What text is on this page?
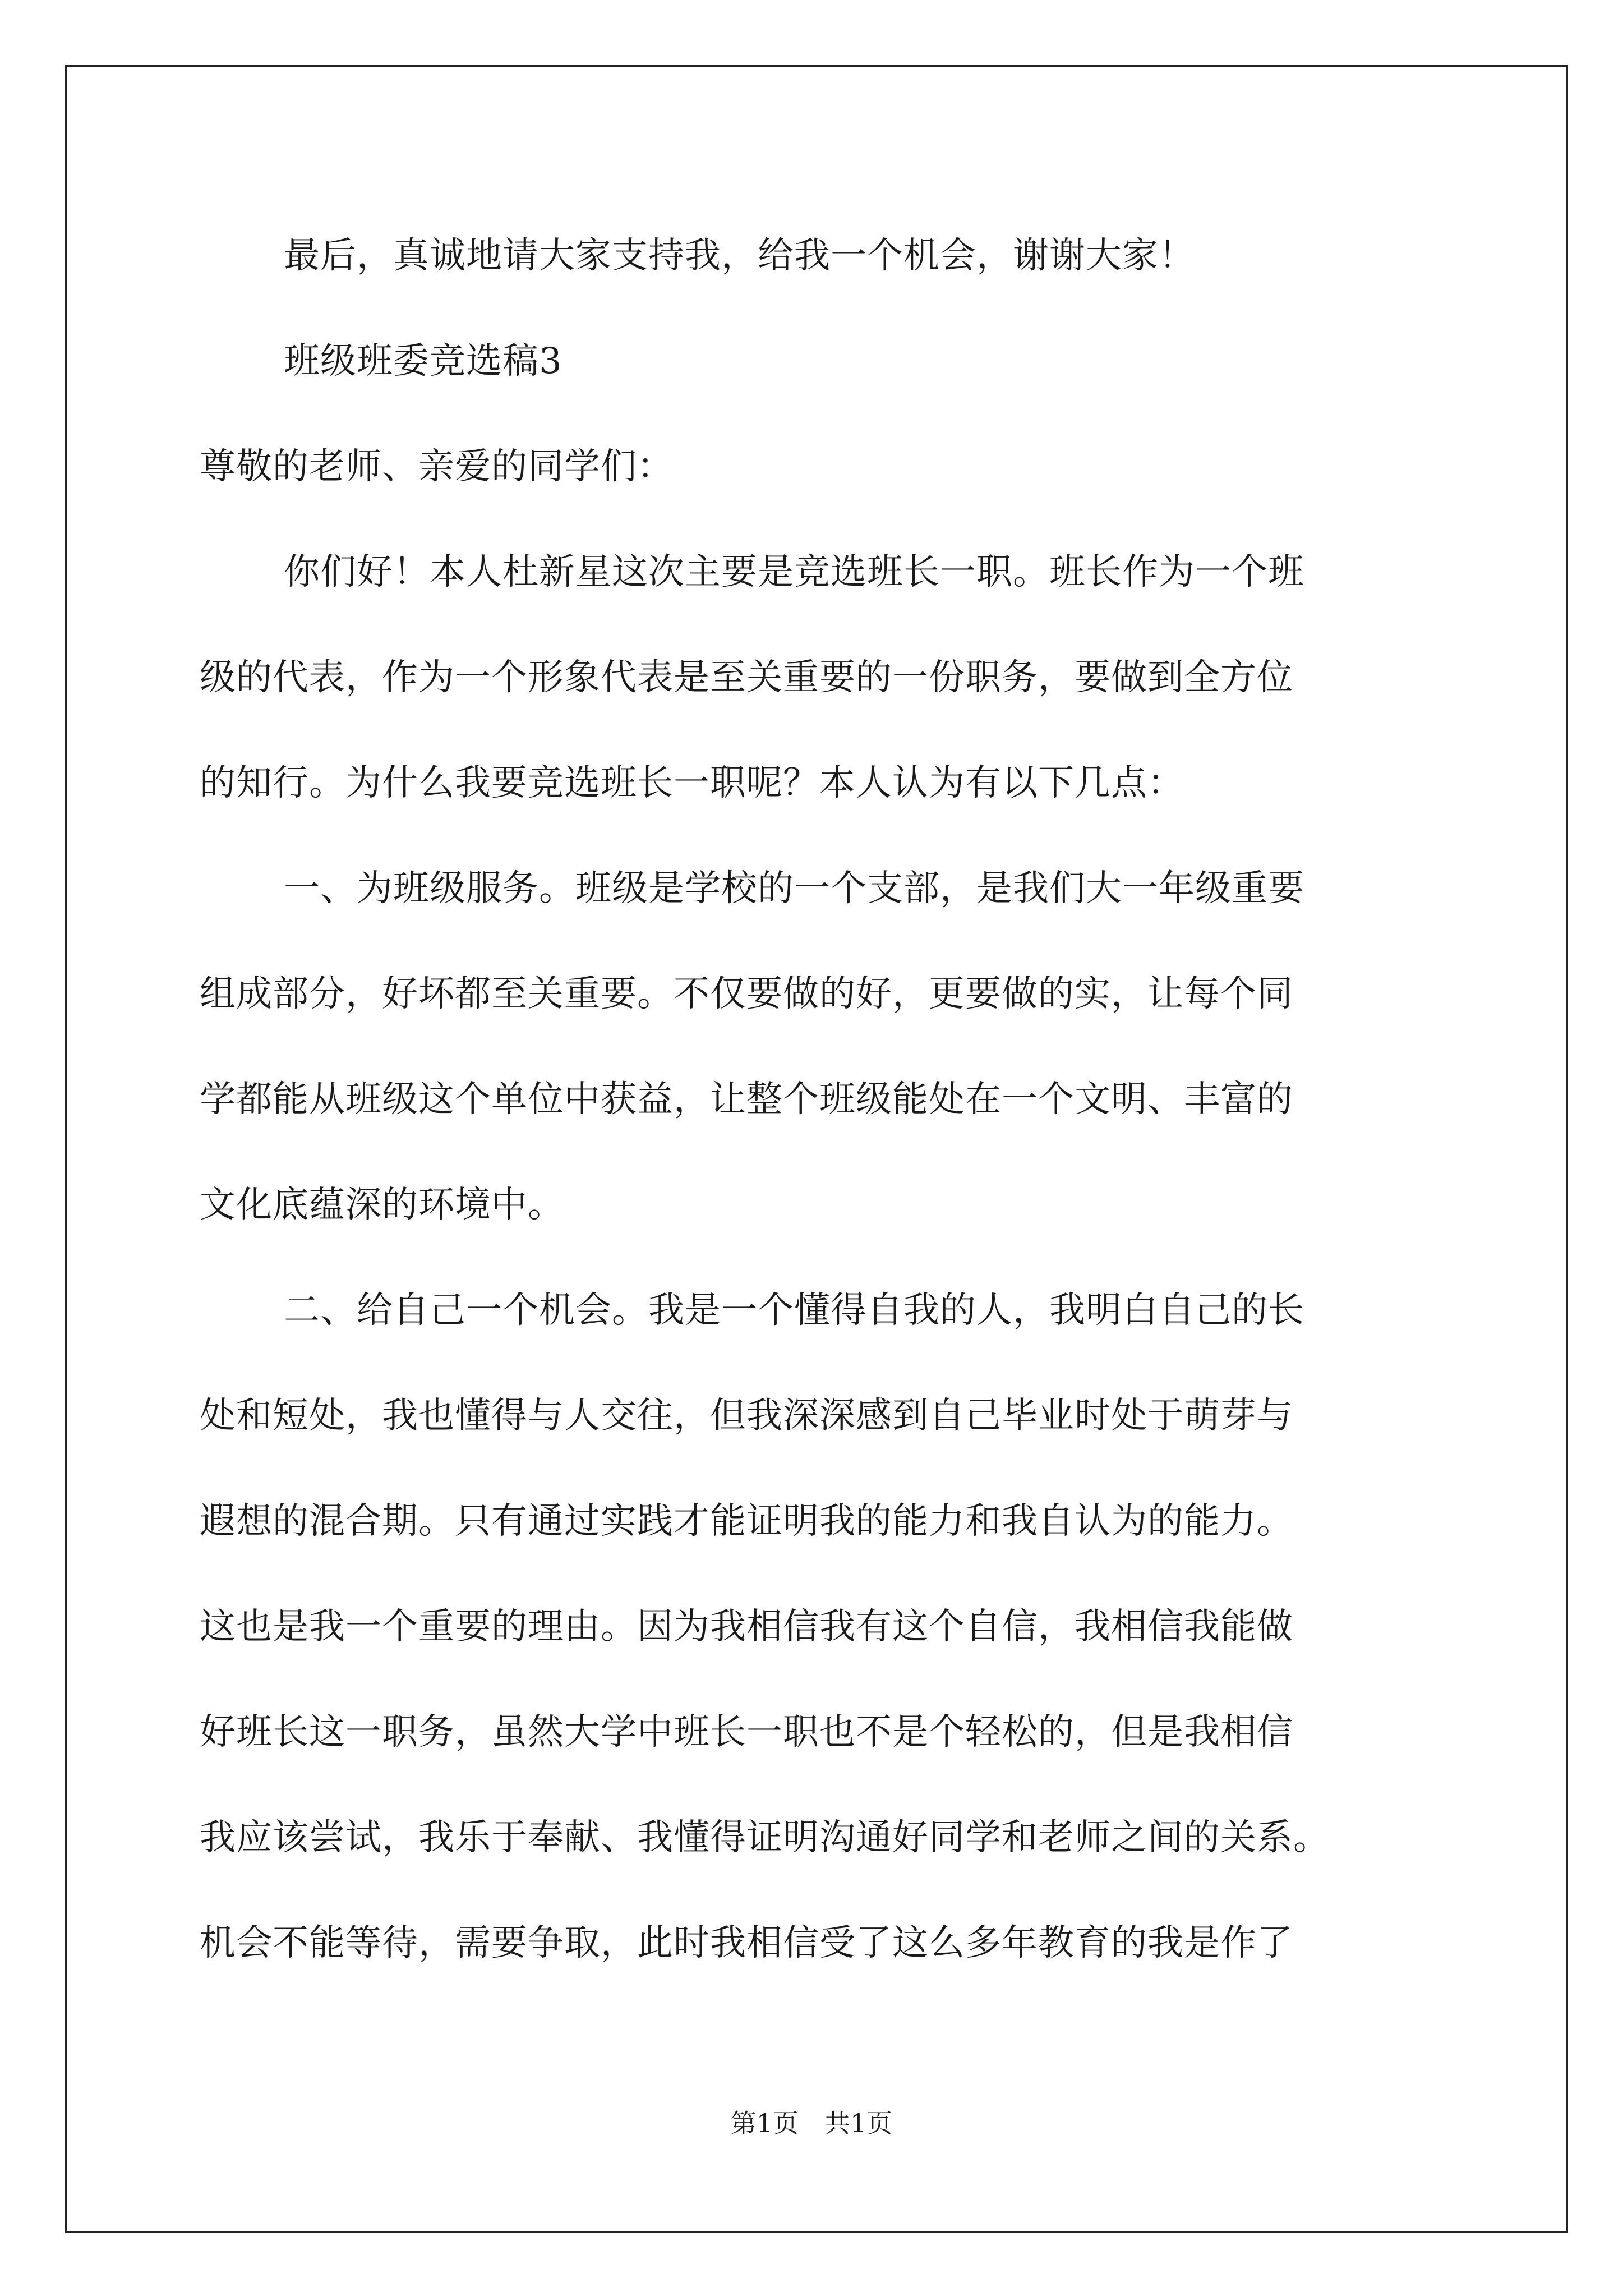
最后，真诚地请大家支持我，给我一个机会，谢谢大家！
班级班委竞选稿3
尊敬的老师、亲爱的同学们：
你们好！本人杜新星这次主要是竞选班长一职。班长作为一个班
级的代表，作为一个形象代表是至关重要的一份职务，要做到全方位
的知行。为什么我要竞选班长一职呢？本人认为有以下几点：
一、为班级服务。班级是学校的一个支部，是我们大一年级重要
组成部分，好坏都至关重要。不仅要做的好，更要做的实，让每个同
学都能从班级这个单位中获益，让整个班级能处在一个文明、丰富的
文化底蕴深的环境中。
二、给自己一个机会。我是一个懂得自我的人，我明白自己的长
处和短处，我也懂得与人交往，但我深深感到自己毕业时处于萌芽与
遐想的混合期。只有通过实践才能证明我的能力和我自认为的能力。
这也是我一个重要的理由。因为我相信我有这个自信，我相信我能做
好班长这一职务，虽然大学中班长一职也不是个轻松的，但是我相信
我应该尝试，我乐于奉献、我懂得证明沟通好同学和老师之间的关系。
机会不能等待，需要争取，此时我相信受了这么多年教育的我是作了
第1页　共1页
